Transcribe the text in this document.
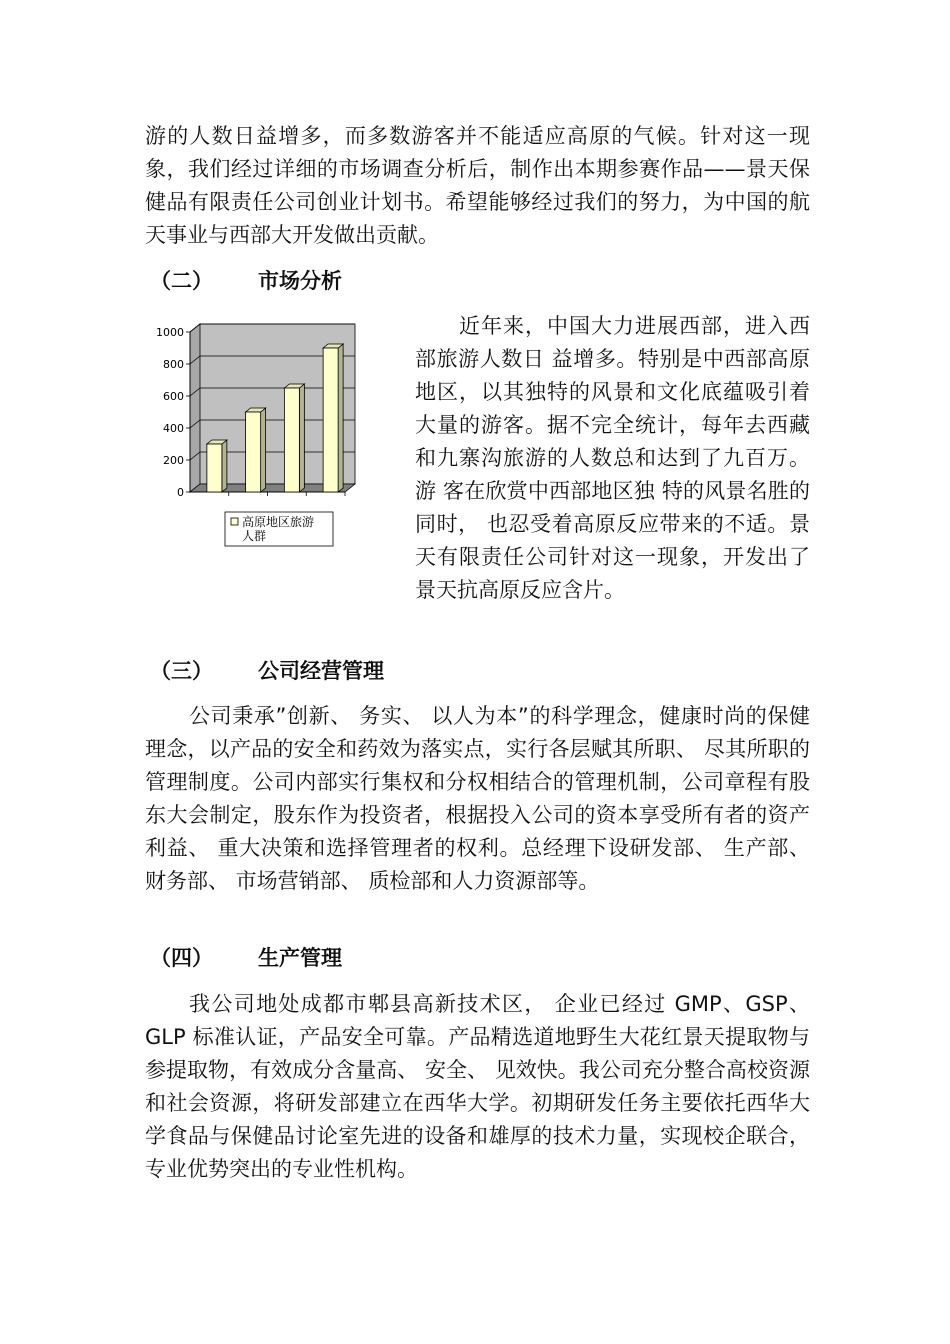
游的人数日益增多，而多数游客并不能适应高原的气候。针对这一现象，我们经过详细的市场调查分析后，制作出本期参赛作品——景天保健品有限责任公司创业计划书。希望能够经过我们的努力，为中国的航天事业与西部大开发做出贡献。

（二） 市场分析
0
200
400
600
800
1000
高原地区旅游
人群

近年来，中国大力进展西部，进入西部旅游人数日 益增多。特别是中西部高原地区，以其独特的风景和文化底蕴吸引着大量的游客。据不完全统计，每年去西藏和九寨沟旅游的人数总和达到了九百万。游 客在欣赏中西部地区独 特的风景名胜的同时， 也忍受着高原反应带来的不适。景天有限责任公司针对这一现象，开发出了景天抗高原反应含片。

（三） 公司经营管理

公司秉承”创新、 务实、 以人为本”的科学理念，健康时尚的保健理念，以产品的安全和药效为落实点，实行各层赋其所职、 尽其所职的管理制度。公司内部实行集权和分权相结合的管理机制，公司章程有股东大会制定，股东作为投资者，根据投入公司的资本享受所有者的资产利益、 重大决策和选择管理者的权利。总经理下设研发部、 生产部、 财务部、 市场营销部、 质检部和人力资源部等。

（四） 生产管理

我公司地处成都市郫县高新技术区， 企业已经过 GMP、GSP、 GLP 标准认证，产品安全可靠。产品精选道地野生大花红景天提取物与参提取物，有效成分含量高、 安全、 见效快。我公司充分整合高校资源和社会资源，将研发部建立在西华大学。初期研发任务主要依托西华大学食品与保健品讨论室先进的设备和雄厚的技术力量，实现校企联合，专业优势突出的专业性机构。
